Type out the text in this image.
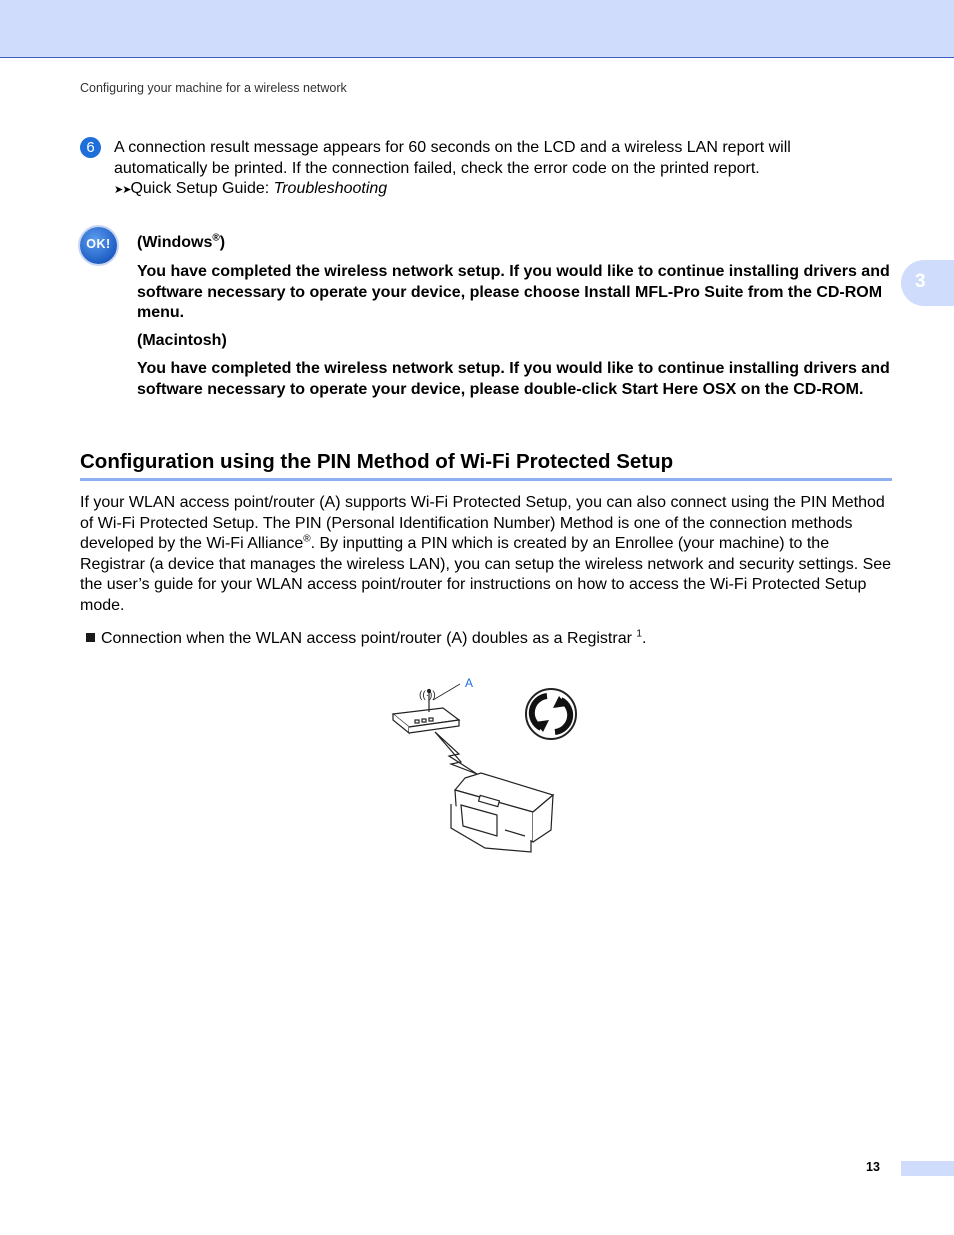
Configuring your machine for a wireless network
3
6	A connection result message appears for 60 seconds on the LCD and a wireless LAN report will automatically be printed. If the connection failed, check the error code on the printed report.
➤➤Quick Setup Guide: Troubleshooting

OK!	(Windows®)

You have completed the wireless network setup. If you would like to continue installing drivers and software necessary to operate your device, please choose Install MFL-Pro Suite from the CD-ROM menu.

(Macintosh)

You have completed the wireless network setup. If you would like to continue installing drivers and software necessary to operate your device, please double-click Start Here OSX on the CD-ROM.

Configuration using the PIN Method of Wi-Fi Protected Setup

If your WLAN access point/router (A) supports Wi-Fi Protected Setup, you can also connect using the PIN Method of Wi-Fi Protected Setup. The PIN (Personal Identification Number) Method is one of the connection methods developed by the Wi-Fi Alliance®. By inputting a PIN which is created by an Enrollee (your machine) to the Registrar (a device that manages the wireless LAN), you can setup the wireless network and security settings. See the user’s guide for your WLAN access point/router for instructions on how to access the Wi-Fi Protected Setup mode.

Connection when the WLAN access point/router (A) doubles as a Registrar $^1$.

((·))
A
13
